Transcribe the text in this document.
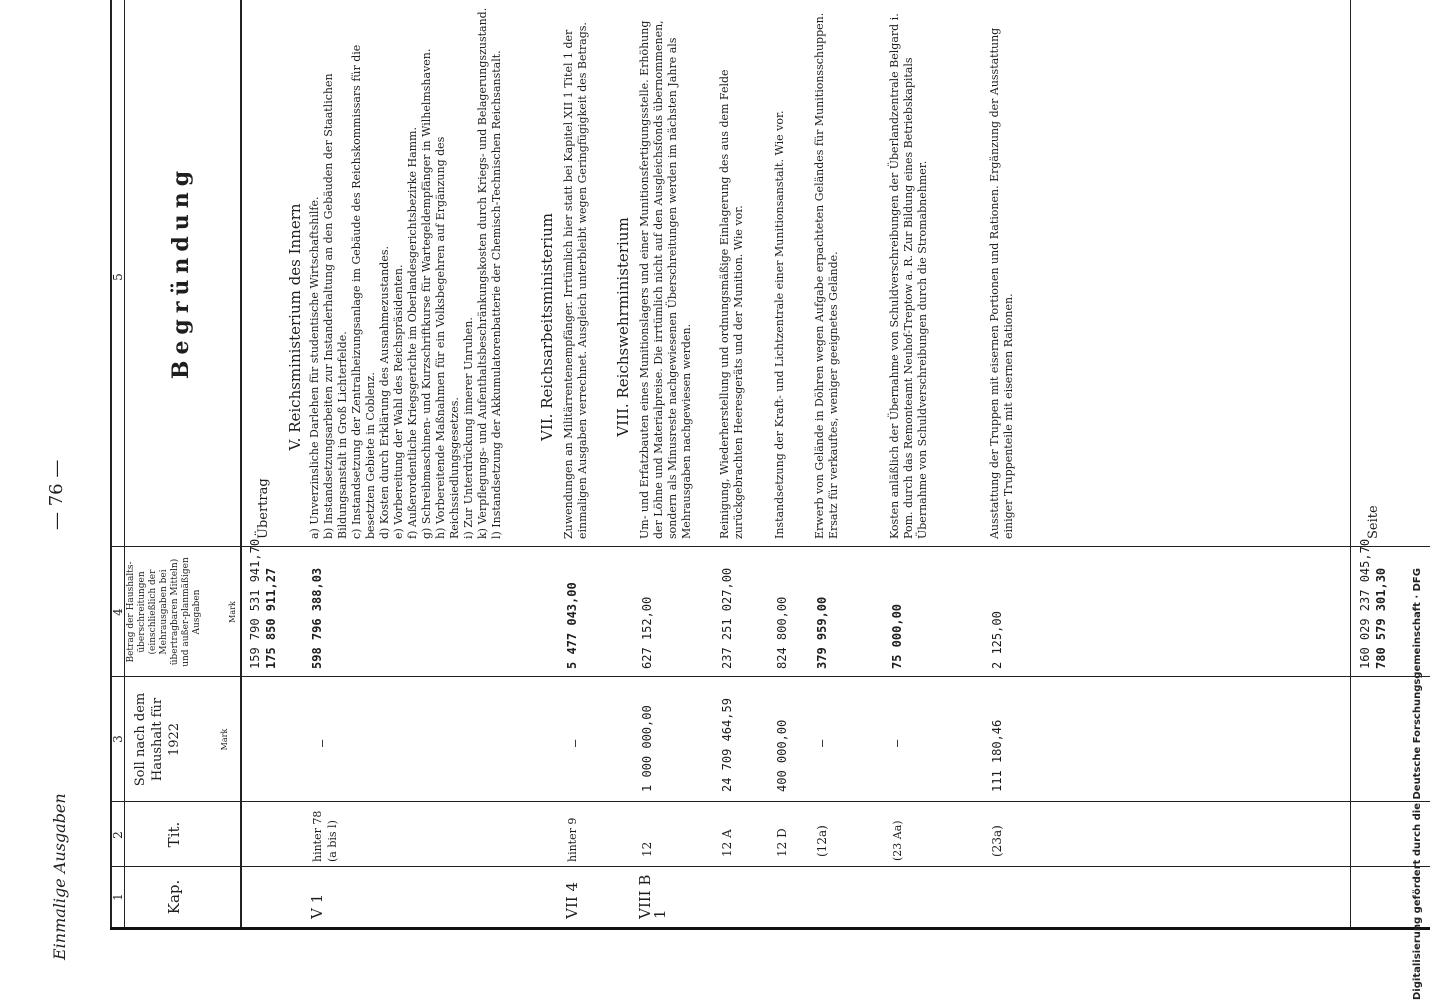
Einmalige Ausgaben
— 76 —
1
2
3
4
5
Kap.
Tit.
Soll nach dem Haushalt für 1922	Mark
Betrag der Haushalts-überschreitungen (einschließlich der Mehrausgaben bei übertragbaren Mitteln) und außer-planmäßigen Ausgaben	Mark
Begründung
159 790 531 941,70 175 850 911,27
Übertrag
V. Reichsministerium des Innern
V 1
hinter 78 (a bis l)
—
598 796 388,03
a) Unverzinsliche Darlehen für studentische Wirtschaftshilfe. b) Instandsetzungsarbeiten zur Instanderhaltung an den Gebäuden der Staatlichen Bildungsanstalt in Groß Lichterfelde. c) Instandsetzung der Zentralheizungsanlage im Gebäude des Reichskommissars für die besetzten Gebiete in Coblenz. d) Kosten durch Erklärung des Ausnahmezustandes. e) Vorbereitung der Wahl des Reichspräsidenten. f) Außerordentliche Kriegsgerichte im Oberlandesgerichtsbezirke Hamm. g) Schreibmaschinen- und Kurzschriftkurse für Wartegeldempfänger in Wilhelmshaven. h) Vorbereitende Maßnahmen für ein Volksbegehren auf Ergänzung des Reichssiedlungsgesetzes. i) Zur Unterdrückung innerer Unruhen. k) Verpflegungs- und Aufenthaltsbeschränkungskosten durch Kriegs- und Belagerungszustand. l) Instandsetzung der Akkumulatorenbatterie der Chemisch-Technischen Reichsanstalt. VII. Reichsarbeitsministerium
VII 4
hinter 9
—
5 477 043,00
Zuwendungen an Militärrentenempfänger. Irrtümlich hier statt bei Kapitel XII 1 Titel 1 der einmaligen Ausgaben verrechnet. Ausgleich unterbleibt wegen Geringfügigkeit des Betrags. VIII. Reichswehrministerium
VIII B 1
12
1 000 000,00
627 152,00
Um- und Erfatzbauten eines Munitionslagers und einer Munitionsfertigungsstelle. Erhöhung der Löhne und Materialpreise. Die irrtümlich nicht auf den Ausgleichsfonds übernommenen, sondern als Minusreste nachgewiesenen Überschreitungen werden im nächsten Jahre als Mehrausgaben nachgewiesen werden.
12 A
24 709 464,59
237 251 027,00
Reinigung, Wiederherstellung und ordnungsmäßige Einlagerung des aus dem Felde zurückgebrachten Heeresgeräts und der Munition. Wie vor.
12 D
400 000,00
824 800,00
Instandsetzung der Kraft- und Lichtzentrale einer Munitionsanstalt. Wie vor.
(12a)
—
379 959,00
Erwerb von Gelände in Döhren wegen Aufgabe erpachteten Geländes für Munitionsschuppen. Ersatz für verkauftes, weniger geeignetes Gelände.
(23 Aa)
—
75 000,00
Kosten anläßlich der Übernahme von Schuldverschreibungen der Überlandzentrale Belgard i. Pom. durch das Remonteamt Neuhof-Treptow a. R. Zur Bildung eines Betriebskapitals Übernahme von Schuldverschreibungen durch die Stromabnehmer.
(23a)
111 180,46
2 125,00
Ausstattung der Truppen mit eisernen Portionen und Rationen. Ergänzung der Ausstattung einiger Truppenteile mit eisernen Rationen.
160 029 237 045,70 780 579 301,30
Seite
Digitalisierung gefördert durch die Deutsche Forschungsgemeinschaft · DFG
